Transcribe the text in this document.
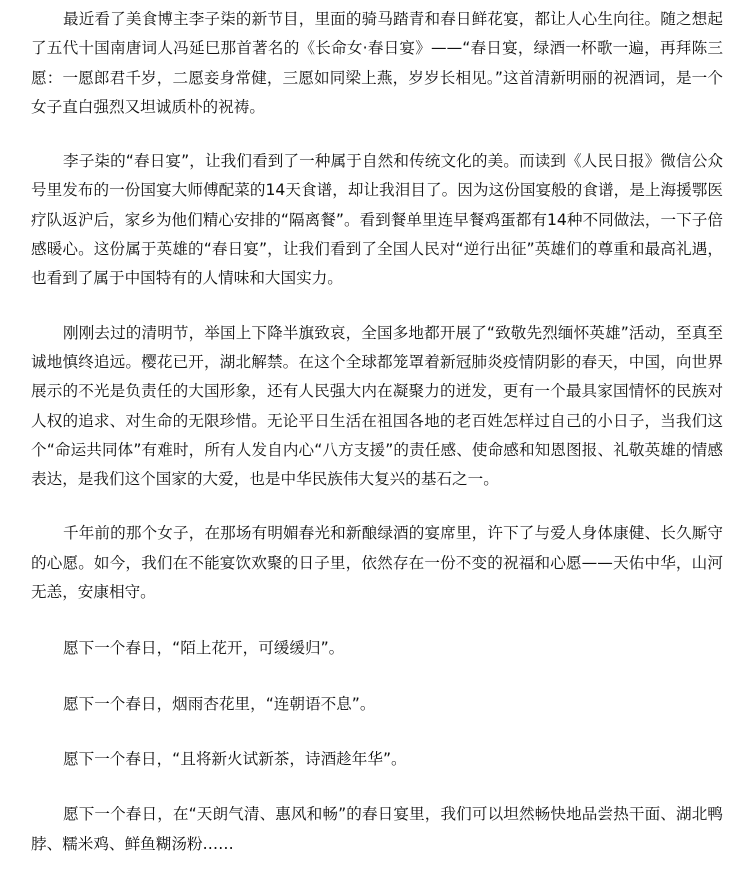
最近看了美食博主李子柒的新节目，里面的骑马踏青和春日鲜花宴，都让人心生向往。随之想起了五代十国南唐词人冯延巳那首著名的《长命女·春日宴》——“春日宴，绿酒一杯歌一遍，再拜陈三愿：一愿郎君千岁，二愿妾身常健，三愿如同梁上燕，岁岁长相见。”这首清新明丽的祝酒词，是一个女子直白强烈又坦诚质朴的祝祷。

李子柒的“春日宴”，让我们看到了一种属于自然和传统文化的美。而读到《人民日报》微信公众号里发布的一份国宴大师傅配菜的14天食谱，却让我泪目了。因为这份国宴般的食谱，是上海援鄂医疗队返沪后，家乡为他们精心安排的“隔离餐”。看到餐单里连早餐鸡蛋都有14种不同做法，一下子倍感暖心。这份属于英雄的“春日宴”，让我们看到了全国人民对“逆行出征”英雄们的尊重和最高礼遇，也看到了属于中国特有的人情味和大国实力。

刚刚去过的清明节，举国上下降半旗致哀，全国多地都开展了“致敬先烈缅怀英雄”活动，至真至诚地慎终追远。樱花已开，湖北解禁。在这个全球都笼罩着新冠肺炎疫情阴影的春天，中国，向世界展示的不光是负责任的大国形象，还有人民强大内在凝聚力的迸发，更有一个最具家国情怀的民族对人权的追求、对生命的无限珍惜。无论平日生活在祖国各地的老百姓怎样过自己的小日子，当我们这个“命运共同体”有难时，所有人发自内心“八方支援”的责任感、使命感和知恩图报、礼敬英雄的情感表达，是我们这个国家的大爱，也是中华民族伟大复兴的基石之一。

千年前的那个女子，在那场有明媚春光和新酿绿酒的宴席里，许下了与爱人身体康健、长久厮守的心愿。如今，我们在不能宴饮欢聚的日子里，依然存在一份不变的祝福和心愿——天佑中华，山河无恙，安康相守。

愿下一个春日，“陌上花开，可缓缓归”。

愿下一个春日，烟雨杏花里，“连朝语不息”。

愿下一个春日，“且将新火试新茶，诗酒趁年华”。

愿下一个春日，在“天朗气清、惠风和畅”的春日宴里，我们可以坦然畅快地品尝热干面、湖北鸭脖、糯米鸡、鲜鱼糊汤粉……
